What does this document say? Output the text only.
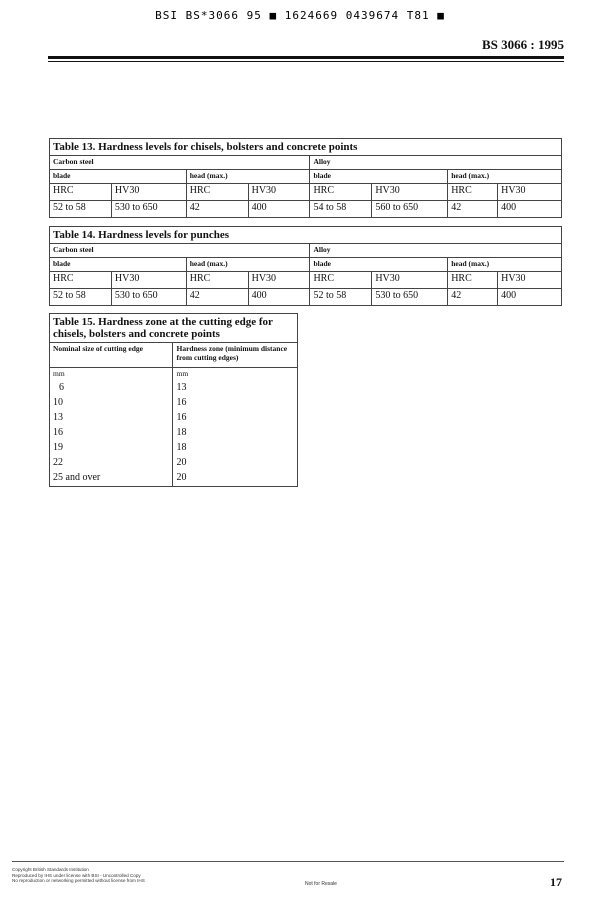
BSI BS*3066 95 ■ 1624669 0439674 T81 ■
BS 3066 : 1995
Table 13. Hardness levels for chisels, bolsters and concrete points							
Carbon steel				Alloy			
blade		head (max.)		blade		head (max.)	
HRC	HV30	HRC	HV30	HRC	HV30	HRC	HV30
52 to 58	530 to 650	42	400	54 to 58	560 to 650	42	400
Table 14. Hardness levels for punches							
Carbon steel				Alloy			
blade		head (max.)		blade		head (max.)	
HRC	HV30	HRC	HV30	HRC	HV30	HRC	HV30
52 to 58	530 to 650	42	400	52 to 58	530 to 650	42	400
Table 15. Hardness zone at the cutting edge for chisels, bolsters and concrete points	
Nominal size of cutting edge	Hardness zone (minimum distance from cutting edges)
mm	mm
6	13
10	16
13	16
16	18
19	18
22	20
25 and over	20
Copyright British Standards Institution
Reproduced by IHS under license with BSI - Uncontrolled Copy
No reproduction or networking permitted without license from IHS
Not for Resale	17
